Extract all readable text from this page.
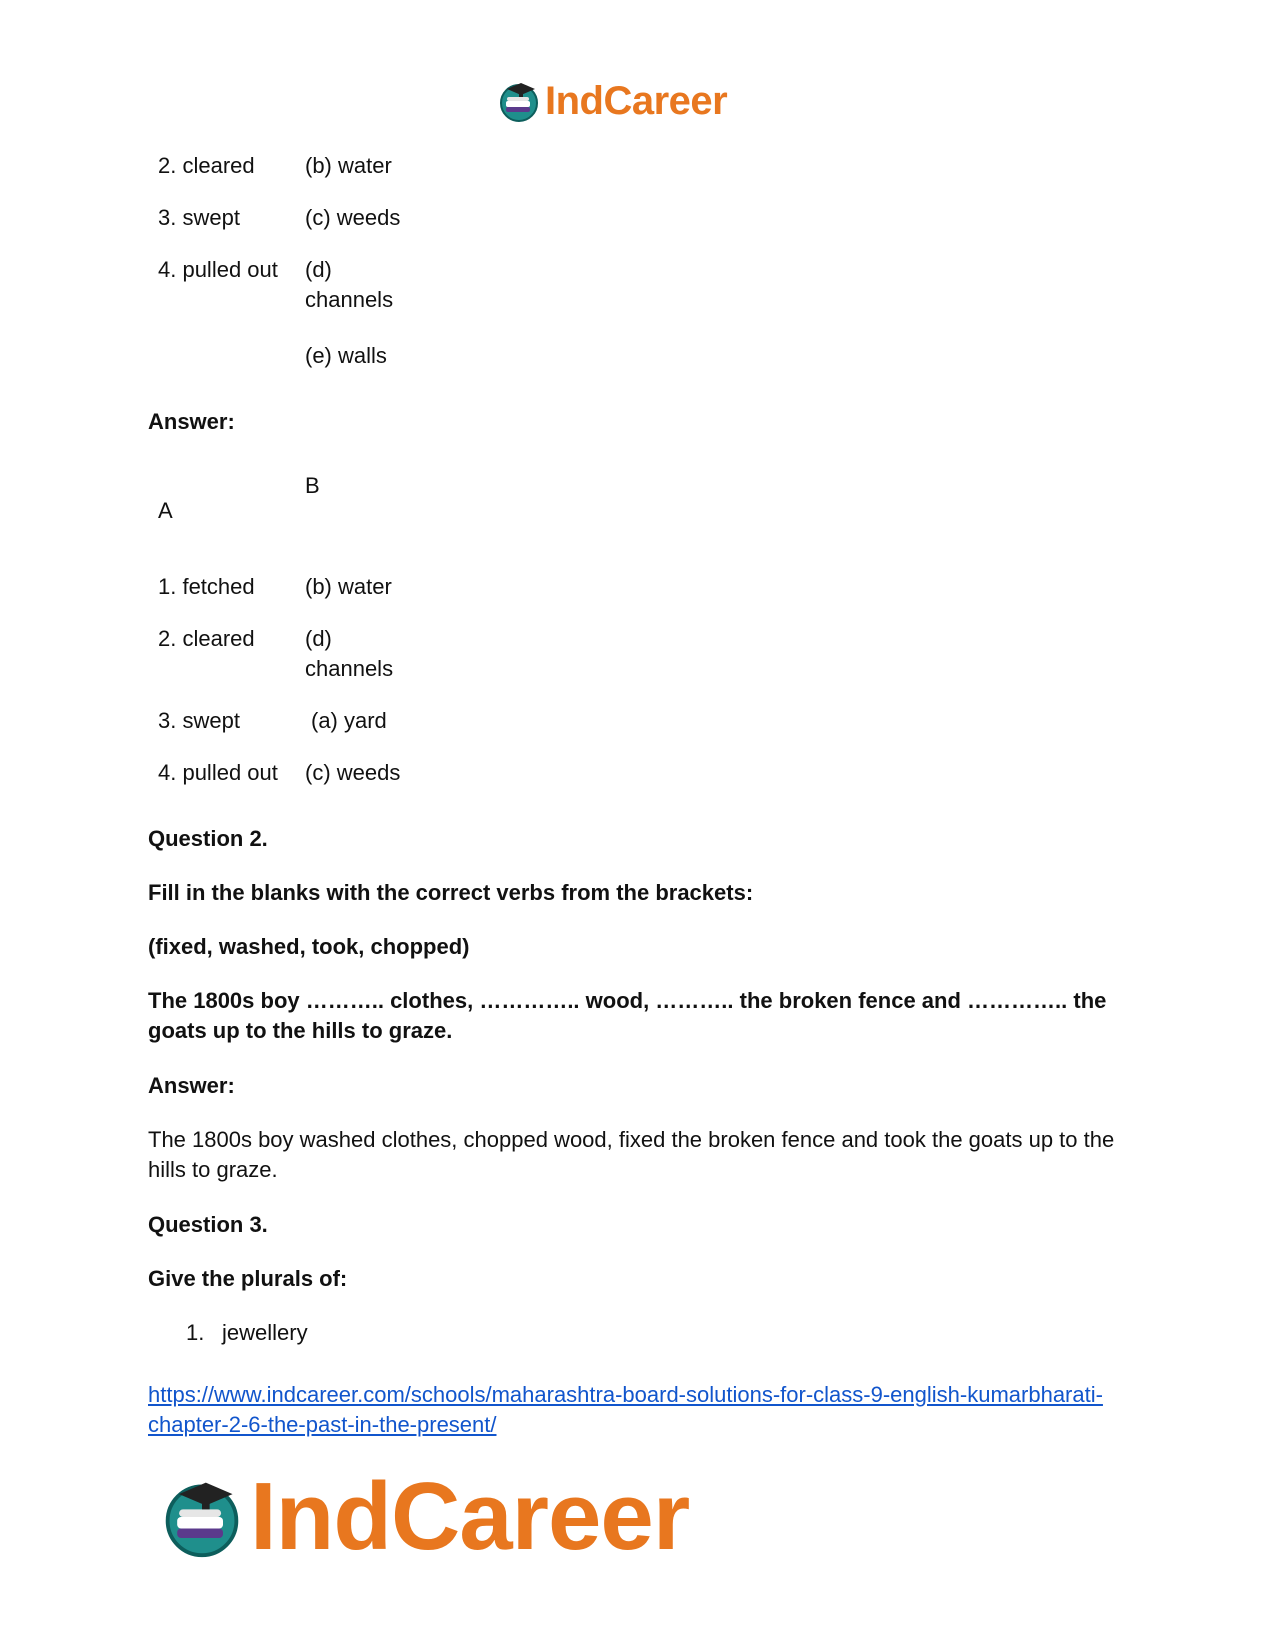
IndCareer
2. cleared (b) water
3. swept	(c) weeds
4. pulled out (d)
channels
(e) walls
Answer:
B
A
1. fetched (b) water
2. cleared (d)
channels
3. swept	(a) yard
4. pulled out (c) weeds
Question 2.
Fill in the blanks with the correct verbs from the brackets:
(fixed, washed, took, chopped)
The 1800s boy ……….. clothes, ………….. wood, ……….. the broken fence and ………….. the goats up to the hills to graze.
Answer:
The 1800s boy washed clothes, chopped wood, fixed the broken fence and took the goats up to the hills to graze.
Question 3.
Give the plurals of:
1. jewellery
https://www.indcareer.com/schools/maharashtra-board-solutions-for-class-9-english-kumarbharati-chapter-2-6-the-past-in-the-present/
IndCareer
